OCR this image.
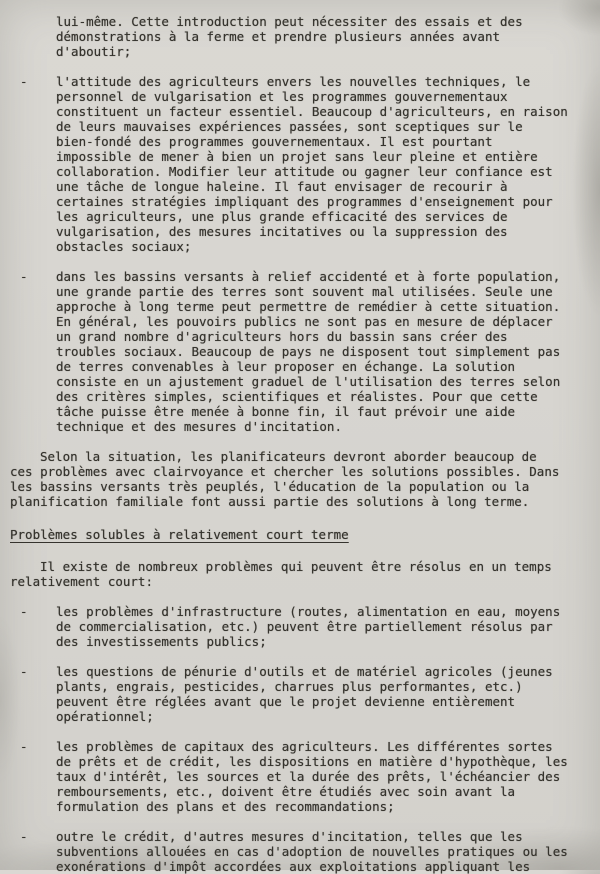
lui-même. Cette introduction peut nécessiter des essais et des
démonstrations à la ferme et prendre plusieurs années avant
d'aboutir;
- l'attitude des agriculteurs envers les nouvelles techniques, le
personnel de vulgarisation et les programmes gouvernementaux
constituent un facteur essentiel. Beaucoup d'agriculteurs, en raison
de leurs mauvaises expériences passées, sont sceptiques sur le
bien-fondé des programmes gouvernementaux. Il est pourtant
impossible de mener à bien un projet sans leur pleine et entière
collaboration. Modifier leur attitude ou gagner leur confiance est
une tâche de longue haleine. Il faut envisager de recourir à
certaines stratégies impliquant des programmes d'enseignement pour
les agriculteurs, une plus grande efficacité des services de
vulgarisation, des mesures incitatives ou la suppression des
obstacles sociaux;
- dans les bassins versants à relief accidenté et à forte population,
une grande partie des terres sont souvent mal utilisées. Seule une
approche à long terme peut permettre de remédier à cette situation.
En général, les pouvoirs publics ne sont pas en mesure de déplacer
un grand nombre d'agriculteurs hors du bassin sans créer des
troubles sociaux. Beaucoup de pays ne disposent tout simplement pas
de terres convenables à leur proposer en échange. La solution
consiste en un ajustement graduel de l'utilisation des terres selon
des critères simples, scientifiques et réalistes. Pour que cette
tâche puisse être menée à bonne fin, il faut prévoir une aide
technique et des mesures d'incitation.
Selon la situation, les planificateurs devront aborder beaucoup de
ces problèmes avec clairvoyance et chercher les solutions possibles. Dans
les bassins versants très peuplés, l'éducation de la population ou la
planification familiale font aussi partie des solutions à long terme.
Problèmes solubles à relativement court terme
Il existe de nombreux problèmes qui peuvent être résolus en un temps
relativement court:
- les problèmes d'infrastructure (routes, alimentation en eau, moyens
de commercialisation, etc.) peuvent être partiellement résolus par
des investissements publics;
- les questions de pénurie d'outils et de matériel agricoles (jeunes
plants, engrais, pesticides, charrues plus performantes, etc.)
peuvent être réglées avant que le projet devienne entièrement
opérationnel;
- les problèmes de capitaux des agriculteurs. Les différentes sortes
de prêts et de crédit, les dispositions en matière d'hypothèque, les
taux d'intérêt, les sources et la durée des prêts, l'échéancier des
remboursements, etc., doivent être étudiés avec soin avant la
formulation des plans et des recommandations;
- outre le crédit, d'autres mesures d'incitation, telles que les
subventions allouées en cas d'adoption de nouvelles pratiques ou les
exonérations d'impôt accordées aux exploitations appliquant les
